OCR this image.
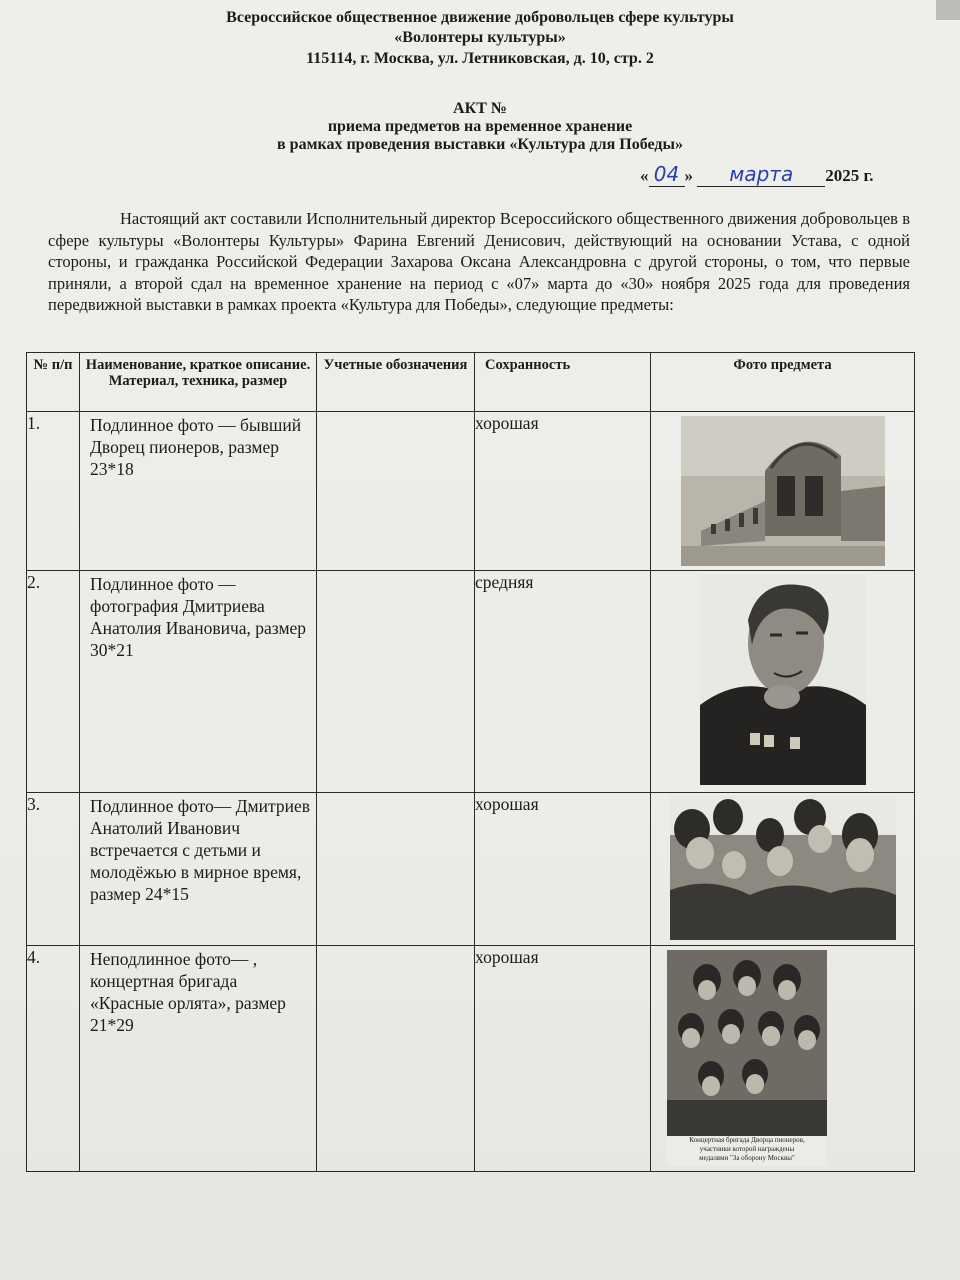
Всероссийское общественное движение добровольцев сфере культуры
«Волонтеры культуры»
115114, г. Москва, ул. Летниковская, д. 10, стр. 2
АКТ №
приема предметов на временное хранение
в рамках проведения выставки «Культура для Победы»
« 04 » марта 2025 г.

Настоящий акт составили Исполнительный директор Всероссийского общественного движения добровольцев в сфере культуры «Волонтеры Культуры» Фарина Евгений Денисович, действующий на основании Устава, с одной стороны, и гражданка Российской Федерации Захарова Оксана Александровна с другой стороны, о том, что первые приняли, а второй сдал на временное хранение на период с «07» марта до «30» ноября 2025 года для проведения передвижной выставки в рамках проекта «Культура для Победы», следующие предметы:

№ п/п	Наименование, краткое описание. Материал, техника, размер	Учетные обозначения	Сохранность	Фото предмета
1.	Подлинное фото — бывший Дворец пионеров, размер 23*18		хорошая	

2.	Подлинное фото — фотография Дмитриева Анатолия Ивановича, размер 30*21		средняя	

3.	Подлинное фото— Дмитриев Анатолий Иванович встречается с детьми и молодёжью в мирное время, размер 24*15		хорошая	

4.	Неподлинное фото— , концертная бригада «Красные орлята», размер 21*29		хорошая	Концертная бригада Дворца пионеров,
участники которой награждены
медалями "За оборону Москвы"
